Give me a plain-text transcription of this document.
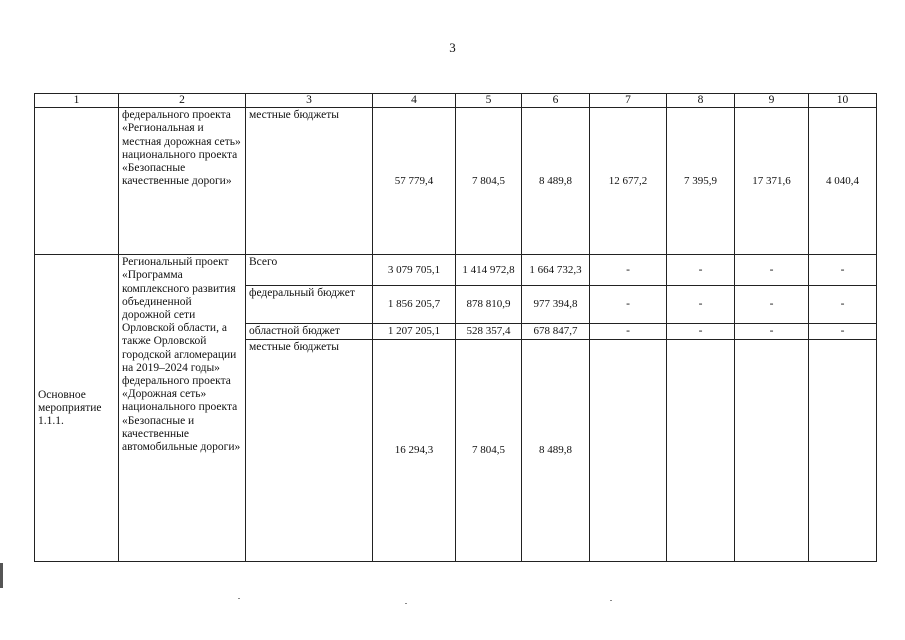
3
1	2	3	4	5	6	7	8	9	10
	федерального проекта «Региональная и местная дорожная сеть» национального проекта «Безопасные качественные дороги»	местные бюджеты	57 779,4	7 804,5	8 489,8	12 677,2	7 395,9	17 371,6	4 040,4
Основное мероприятие 1.1.1.	Региональный проект «Программа комплексного развития объединенной дорожной сети Орловской области, а также Орловской городской агломерации на 2019–2024 годы» федерального проекта «Дорожная сеть» национального проекта «Безопасные и качественные автомобильные дороги»	Всего	3 079 705,1	1 414 972,8	1 664 732,3	-	-	-	-
		федеральный бюджет	1 856 205,7	878 810,9	977 394,8	-	-	-	-
		областной бюджет	1 207 205,1	528 357,4	678 847,7	-	-	-	-
		местные бюджеты	16 294,3	7 804,5	8 489,8				
